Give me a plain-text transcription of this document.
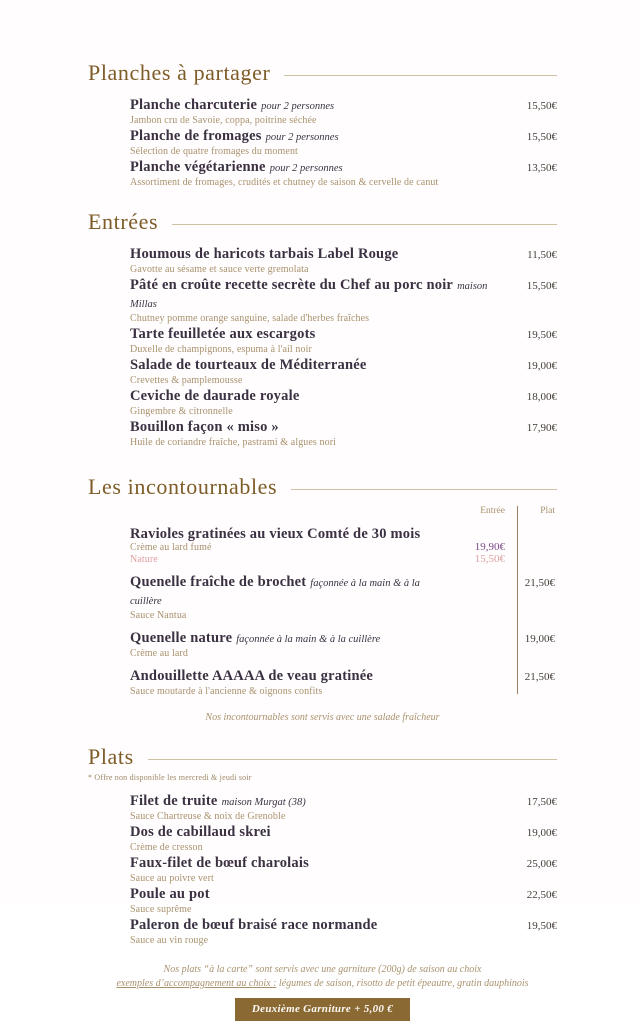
Planches à partager
Planche charcuterie pour 2 personnes
Jambon cru de Savoie, coppa, poitrine séchée
15,50€
Planche de fromages pour 2 personnes
Sélection de quatre fromages du moment
15,50€
Planche végétarienne pour 2 personnes
Assortiment de fromages, crudités et chutney de saison & cervelle de canut
13,50€
Entrées
Houmous de haricots tarbais Label Rouge
Gavotte au sésame et sauce verte gremolata
11,50€
Pâté en croûte recette secrète du Chef au porc noir maison Millas
Chutney pomme orange sanguine, salade d'herbes fraîches
15,50€
Tarte feuilletée aux escargots
Duxelle de champignons, espuma à l'ail noir
19,50€
Salade de tourteaux de Méditerranée
Crevettes & pamplemousse
19,00€
Ceviche de daurade royale
Gingembre & citronnelle
18,00€
Bouillon façon « miso »
Huile de coriandre fraîche, pastrami & algues nori
17,90€
Les incontournables
Entrée	Plat
Ravioles gratinées au vieux Comté de 30 mois
Crème au lard fumé
Nature
19,90€
15,50€
Quenelle fraîche de brochet façonnée à la main & à la cuillère
Sauce Nantua
21,50€
Quenelle nature façonnée à la main & à la cuillère
Crème au lard
19,00€
Andouillette AAAAA de veau gratinée
Sauce moutarde à l'ancienne & oignons confits
21,50€
Nos incontournables sont servis avec une salade fraîcheur
Plats
* Offre non disponible les mercredi & jeudi soir
Filet de truite maison Murgat (38)
Sauce Chartreuse & noix de Grenoble
17,50€
Dos de cabillaud skrei
Crème de cresson
19,00€
Faux-filet de bœuf charolais
Sauce au poivre vert
25,00€
Poule au pot
Sauce suprême
22,50€
Paleron de bœuf braisé race normande
Sauce au vin rouge
19,50€
Nos plats “à la carte” sont servis avec une garniture (200g) de saison au choix
exemples d’accompagnement au choix : légumes de saison, risotto de petit épeautre, gratin dauphinois
Deuxième Garniture + 5,00 €
